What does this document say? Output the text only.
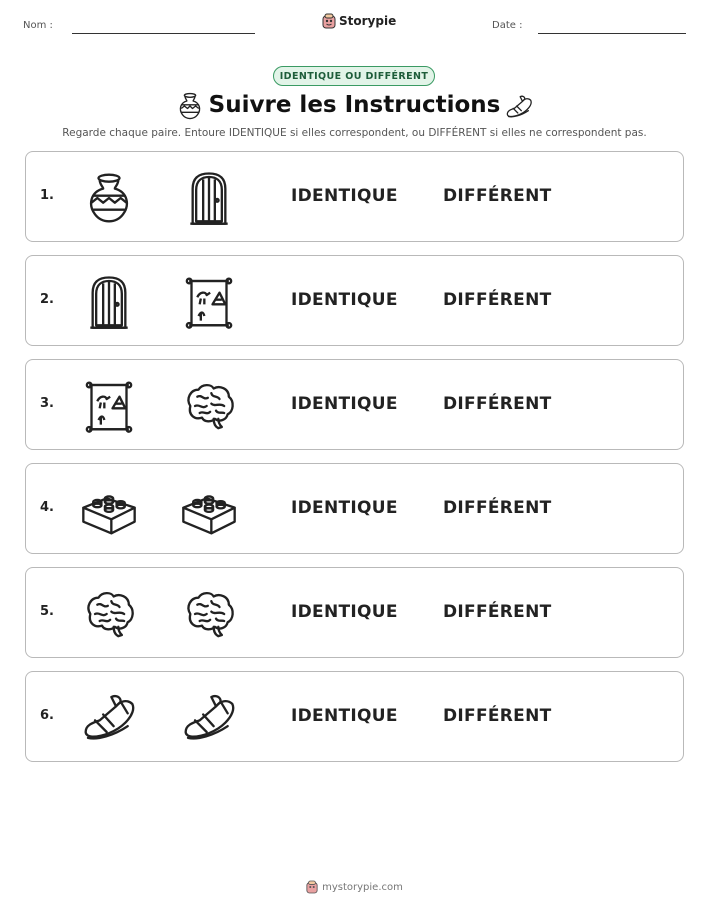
Nom :	Storypie	Date :
IDENTIQUE OU DIFFÉRENT
Suivre les Instructions
Regarde chaque paire. Entoure IDENTIQUE si elles correspondent, ou DIFFÉRENT si elles ne correspondent pas.
1.	IDENTIQUE	DIFFÉRENT
2.	IDENTIQUE	DIFFÉRENT
3.	IDENTIQUE	DIFFÉRENT
4.	IDENTIQUE	DIFFÉRENT
5.	IDENTIQUE	DIFFÉRENT
6.	IDENTIQUE	DIFFÉRENT
mystorypie.com
